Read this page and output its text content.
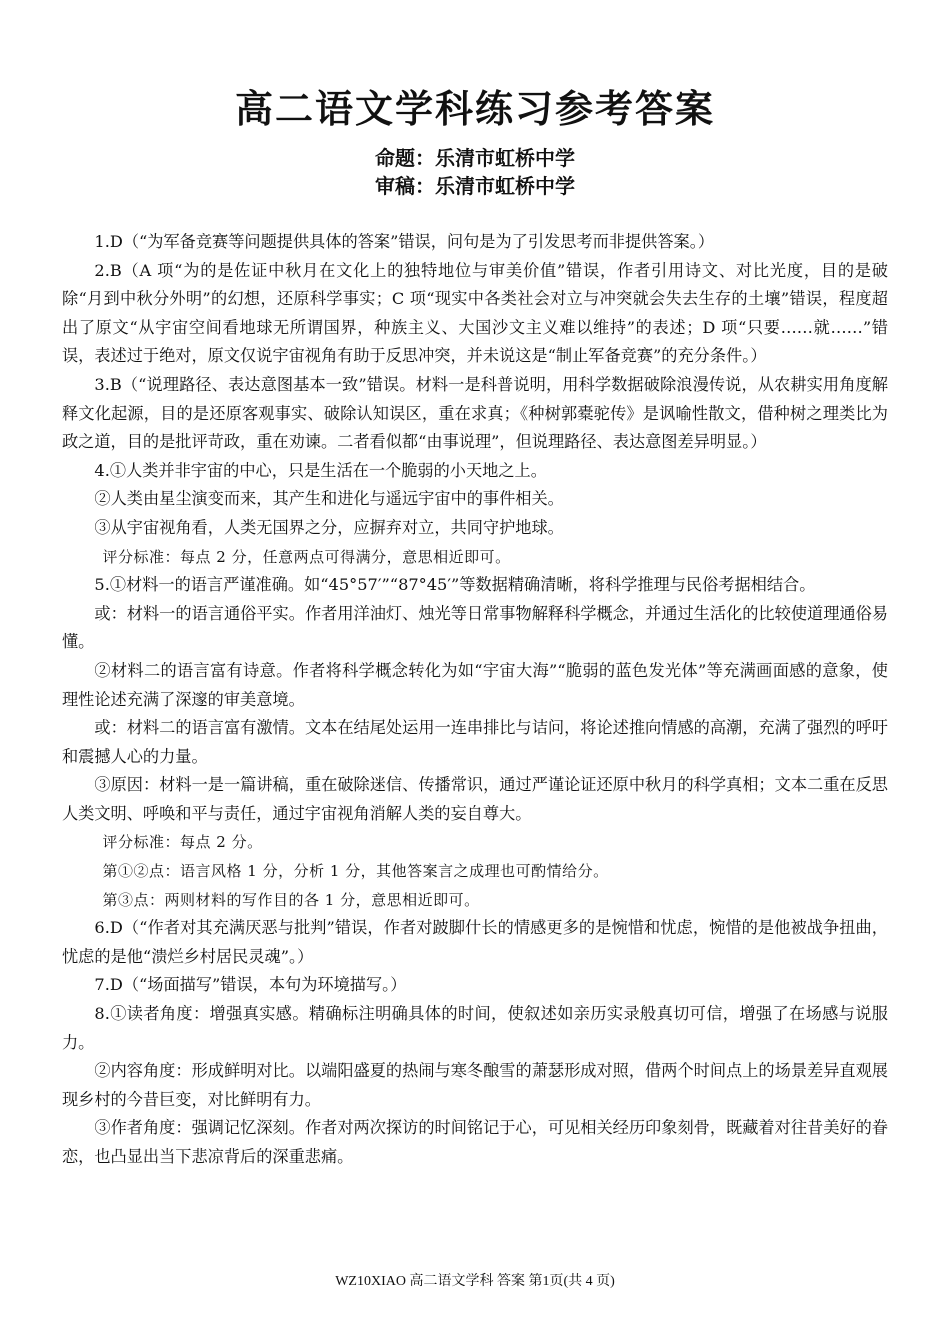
高二语文学科练习参考答案

命题：乐清市虹桥中学

审稿：乐清市虹桥中学

1.D（“为军备竞赛等问题提供具体的答案”错误，问句是为了引发思考而非提供答案。）

2.B（A 项“为的是佐证中秋月在文化上的独特地位与审美价值”错误，作者引用诗文、对比光度，目的是破除“月到中秋分外明”的幻想，还原科学事实；C 项“现实中各类社会对立与冲突就会失去生存的土壤”错误，程度超出了原文“从宇宙空间看地球无所谓国界，种族主义、大国沙文主义难以维持”的表述；D 项“只要……就……”错误，表述过于绝对，原文仅说宇宙视角有助于反思冲突，并未说这是“制止军备竞赛”的充分条件。）

3.B（“说理路径、表达意图基本一致”错误。材料一是科普说明，用科学数据破除浪漫传说，从农耕实用角度解释文化起源，目的是还原客观事实、破除认知误区，重在求真；《种树郭橐驼传》是讽喻性散文，借种树之理类比为政之道，目的是批评苛政，重在劝谏。二者看似都“由事说理”，但说理路径、表达意图差异明显。）

4.①人类并非宇宙的中心，只是生活在一个脆弱的小天地之上。

②人类由星尘演变而来，其产生和进化与遥远宇宙中的事件相关。

③从宇宙视角看，人类无国界之分，应摒弃对立，共同守护地球。

评分标准：每点 2 分，任意两点可得满分，意思相近即可。

5.①材料一的语言严谨准确。如“45°57′”“87°45′”等数据精确清晰，将科学推理与民俗考据相结合。

或：材料一的语言通俗平实。作者用洋油灯、烛光等日常事物解释科学概念，并通过生活化的比较使道理通俗易懂。

②材料二的语言富有诗意。作者将科学概念转化为如“宇宙大海”“脆弱的蓝色发光体”等充满画面感的意象，使理性论述充满了深邃的审美意境。

或：材料二的语言富有激情。文本在结尾处运用一连串排比与诘问，将论述推向情感的高潮，充满了强烈的呼吁和震撼人心的力量。

③原因：材料一是一篇讲稿，重在破除迷信、传播常识，通过严谨论证还原中秋月的科学真相；文本二重在反思人类文明、呼唤和平与责任，通过宇宙视角消解人类的妄自尊大。

评分标准：每点 2 分。

第①②点：语言风格 1 分，分析 1 分，其他答案言之成理也可酌情给分。

第③点：两则材料的写作目的各 1 分，意思相近即可。

6.D（“作者对其充满厌恶与批判”错误，作者对跛脚什长的情感更多的是惋惜和忧虑，惋惜的是他被战争扭曲，忧虑的是他“溃烂乡村居民灵魂”。）

7.D（“场面描写”错误，本句为环境描写。）

8.①读者角度：增强真实感。精确标注明确具体的时间，使叙述如亲历实录般真切可信，增强了在场感与说服力。

②内容角度：形成鲜明对比。以端阳盛夏的热闹与寒冬酿雪的萧瑟形成对照，借两个时间点上的场景差异直观展现乡村的今昔巨变，对比鲜明有力。

③作者角度：强调记忆深刻。作者对两次探访的时间铭记于心，可见相关经历印象刻骨，既藏着对往昔美好的眷恋，也凸显出当下悲凉背后的深重悲痛。

WZ10XIAO 高二语文学科 答案 第1页(共 4 页)
